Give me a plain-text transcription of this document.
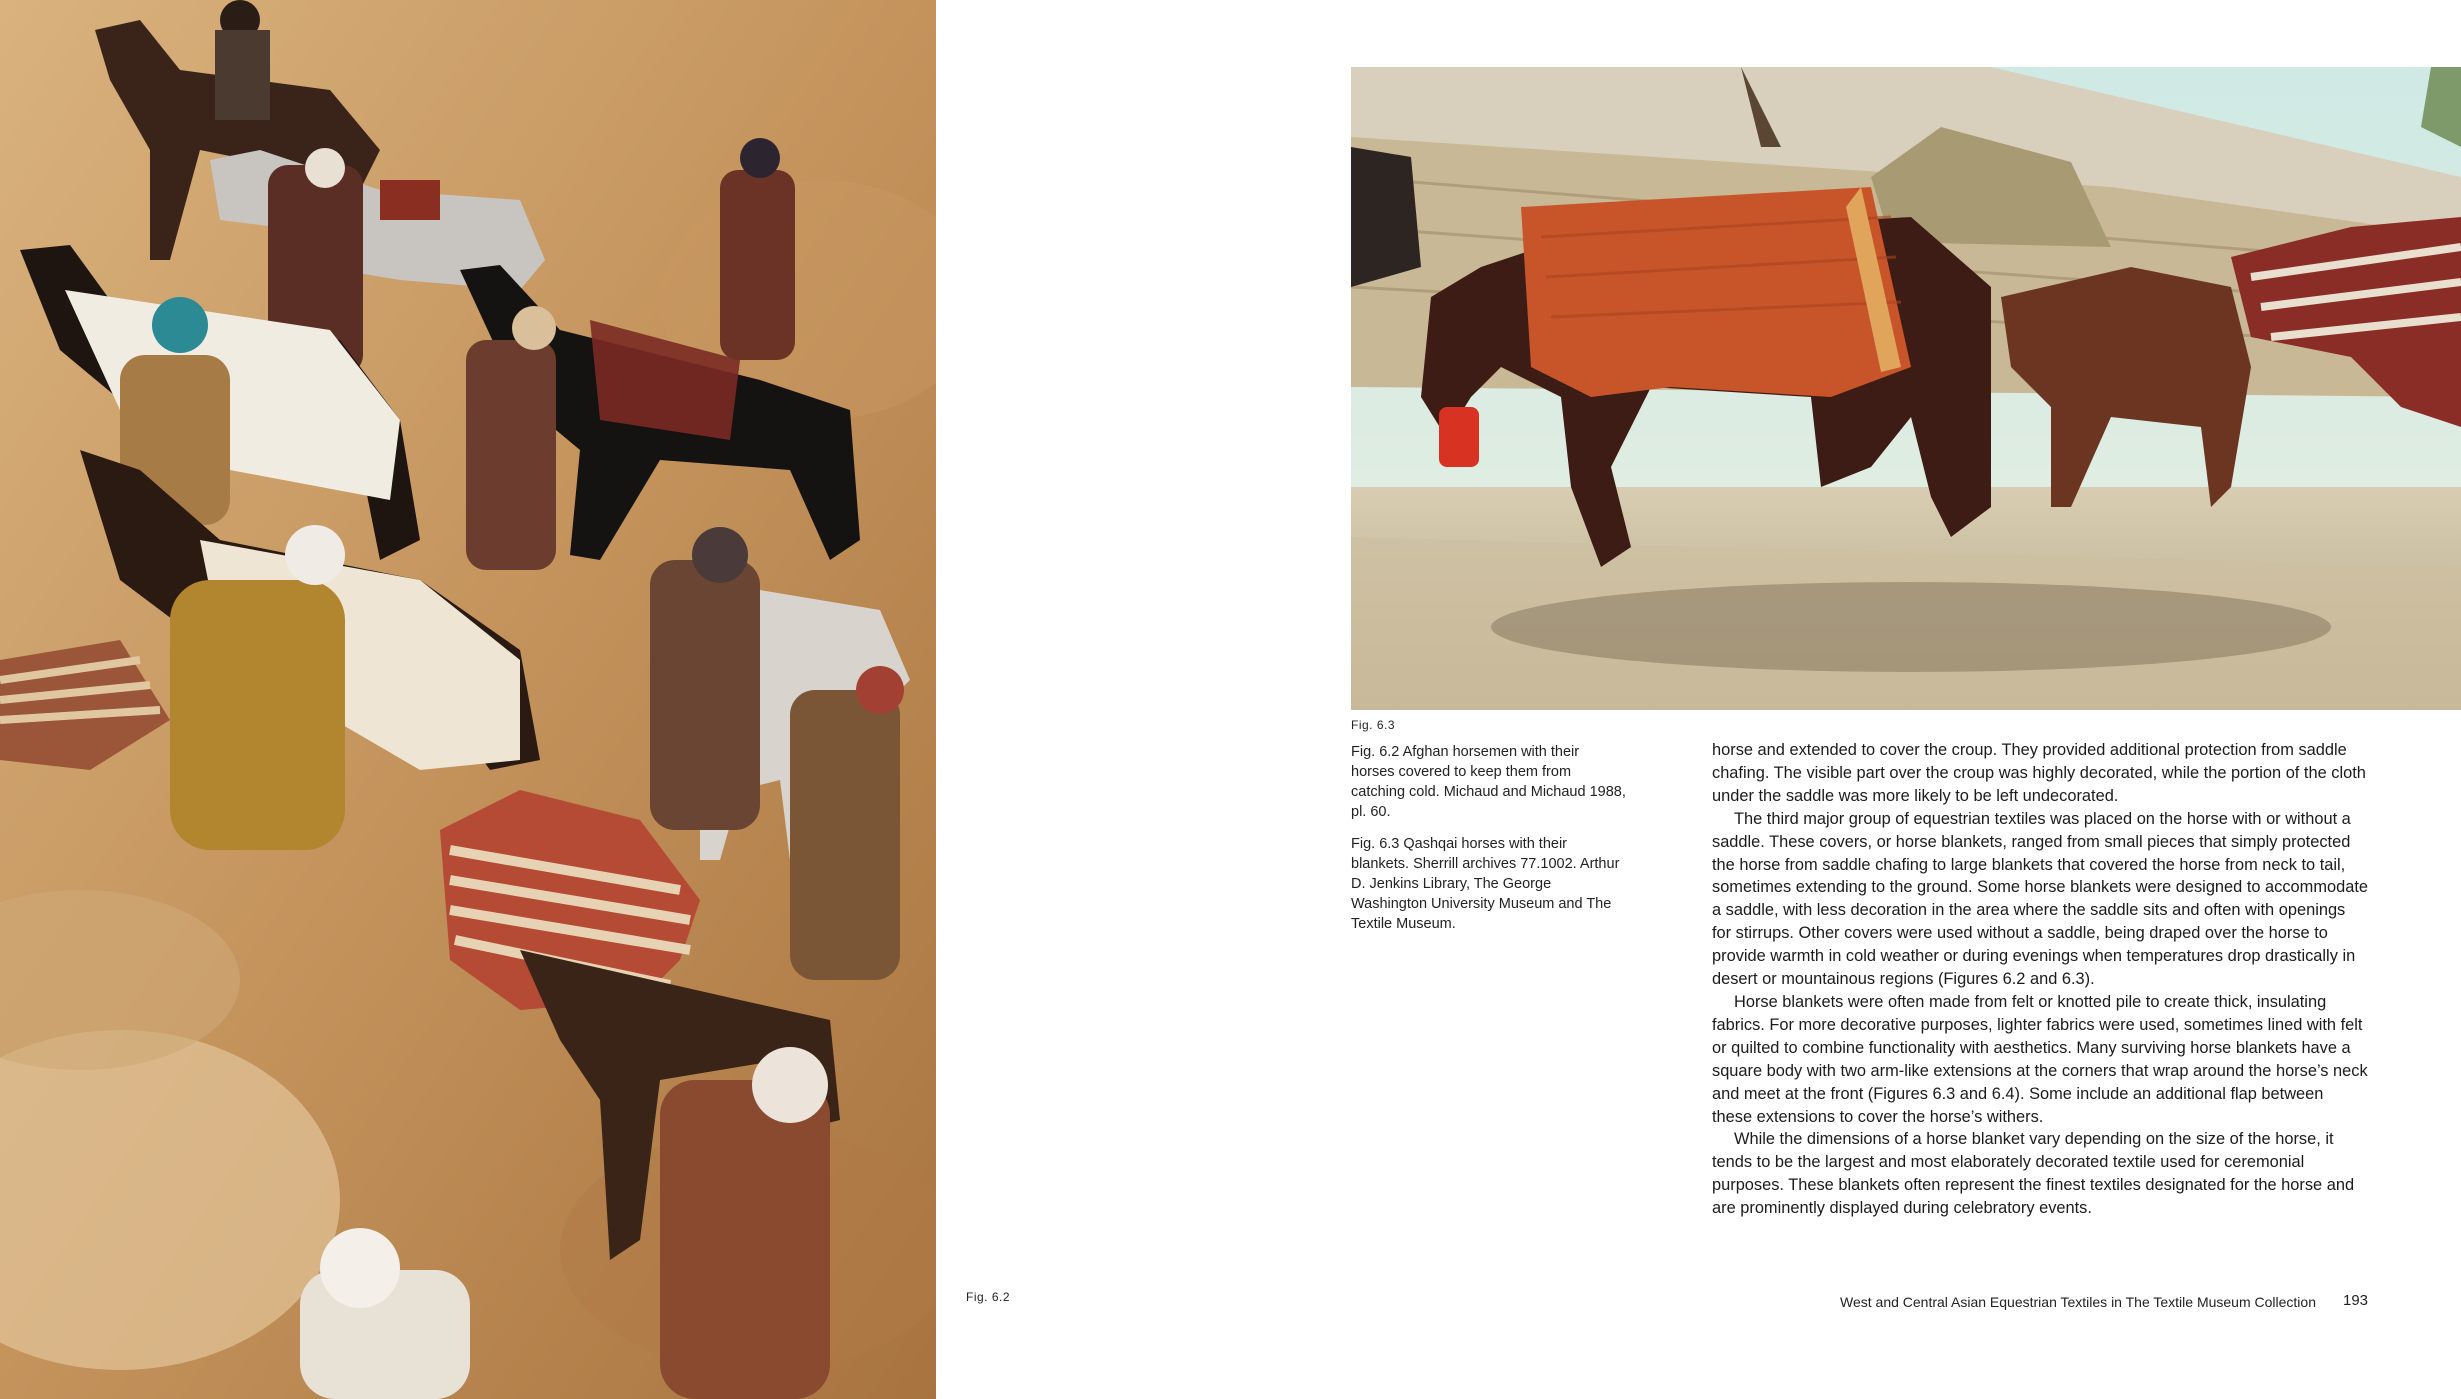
Fig. 6.3
Fig. 6.2

Fig. 6.2 Afghan horsemen with their horses covered to keep them from catching cold. Michaud and Michaud 1988, pl. 60.

Fig. 6.3 Qashqai horses with their blankets. Sherrill archives 77.1002. Arthur D. Jenkins Library, The George Washington University Museum and The Textile Museum.

horse and extended to cover the croup. They provided additional protection from saddle chafing. The visible part over the croup was highly decorated, while the portion of the cloth under the saddle was more likely to be left undecorated.

The third major group of equestrian textiles was placed on the horse with or without a saddle. These covers, or horse blankets, ranged from small pieces that simply protected the horse from saddle chafing to large blankets that covered the horse from neck to tail, sometimes extending to the ground. Some horse blankets were designed to accommodate a saddle, with less decoration in the area where the saddle sits and often with openings for stirrups. Other covers were used without a saddle, being draped over the horse to provide warmth in cold weather or during evenings when temperatures drop drastically in desert or mountainous regions (Figures 6.2 and 6.3).

Horse blankets were often made from felt or knotted pile to create thick, insulating fabrics. For more decorative purposes, lighter fabrics were used, sometimes lined with felt or quilted to combine functionality with aesthetics. Many surviving horse blankets have a square body with two arm-like extensions at the corners that wrap around the horse’s neck and meet at the front (Figures 6.3 and 6.4). Some include an additional flap between these extensions to cover the horse’s withers.

While the dimensions of a horse blanket vary depending on the size of the horse, it tends to be the largest and most elaborately decorated textile used for ceremonial purposes. These blankets often represent the finest textiles designated for the horse and are prominently displayed during celebratory events.

West and Central Asian Equestrian Textiles in The Textile Museum Collection 193
